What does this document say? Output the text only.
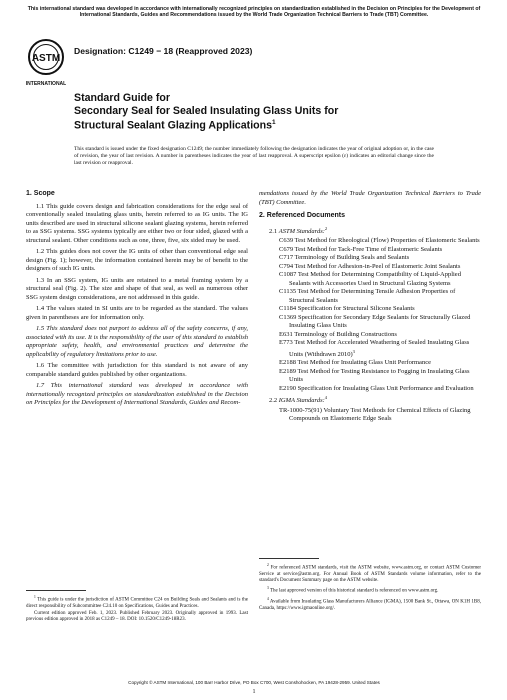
This international standard was developed in accordance with internationally recognized principles on standardization established in the Decision on Principles for the Development of International Standards, Guides and Recommendations issued by the World Trade Organization Technical Barriers to Trade (TBT) Committee.
ASTM
INTERNATIONAL
Designation: C1249 − 18 (Reapproved 2023)
Standard Guide for
Secondary Seal for Sealed Insulating Glass Units for
Structural Sealant Glazing Applications$^1$
This standard is issued under the fixed designation C1249; the number immediately following the designation indicates the year of original adoption or, in the case of revision, the year of last revision. A number in parentheses indicates the year of last reapproval. A superscript epsilon (ε) indicates an editorial change since the last revision or reapproval.
1. Scope

1.1 This guide covers design and fabrication considerations for the edge seal of conventionally sealed insulating glass units, herein referred to as IG units. The IG units described are used in structural silicone sealant glazing systems, herein referred to as SSG systems. SSG systems typically are either two or four sided, glazed with a structural sealant. Other conditions such as one, three, five, six sided may be used.

1.2 This guides does not cover the IG units of other than conventional edge seal design (Fig. 1); however, the information contained herein may be of benefit to the designers of such IG units.

1.3 In an SSG system, IG units are retained to a metal framing system by a structural seal (Fig. 2). The size and shape of that seal, as well as numerous other SSG system design considerations, are not addressed in this guide.

1.4 The values stated in SI units are to be regarded as the standard. The values given in parentheses are for information only.

1.5 This standard does not purport to address all of the safety concerns, if any, associated with its use. It is the responsibility of the user of this standard to establish appropriate safety, health, and environmental practices and determine the applicability of regulatory limitations prior to use.

1.6 The committee with jurisdiction for this standard is not aware of any comparable standard guides published by other organizations.

1.7 This international standard was developed in accordance with internationally recognized principles on standardization established in the Decision on Principles for the Development of International Standards, Guides and Recom-

$^1$ This guide is under the jurisdiction of ASTM Committee C24 on Building Seals and Sealants and is the direct responsibility of Subcommittee C24.10 on Specifications, Guides and Practices.

Current edition approved Feb. 1, 2023. Published February 2023. Originally approved in 1993. Last previous edition approved in 2018 as C1249 – 18. DOI: 10.1520/C1249-18R23.

mendations issued by the World Trade Organization Technical Barriers to Trade (TBT) Committee.

2. Referenced Documents
2.1 ASTM Standards:$^2$
C639 Test Method for Rheological (Flow) Properties of Elastomeric Sealants
C679 Test Method for Tack-Free Time of Elastomeric Sealants
C717 Terminology of Building Seals and Sealants
C794 Test Method for Adhesion-in-Peel of Elastomeric Joint Sealants
C1087 Test Method for Determining Compatibility of Liquid-Applied Sealants with Accessories Used in Structural Glazing Systems
C1135 Test Method for Determining Tensile Adhesion Properties of Structural Sealants
C1184 Specification for Structural Silicone Sealants
C1369 Specification for Secondary Edge Sealants for Structurally Glazed Insulating Glass Units
E631 Terminology of Building Constructions
E773 Test Method for Accelerated Weathering of Sealed Insulating Glass Units (Withdrawn 2010)$^3$
E2188 Test Method for Insulating Glass Unit Performance
E2189 Test Method for Testing Resistance to Fogging in Insulating Glass Units
E2190 Specification for Insulating Glass Unit Performance and Evaluation
2.2 IGMA Standards:$^4$
TR-1000-75(91) Voluntary Test Methods for Chemical Effects of Glazing Compounds on Elastomeric Edge Seals

$^2$ For referenced ASTM standards, visit the ASTM website, www.astm.org, or contact ASTM Customer Service at service@astm.org. For Annual Book of ASTM Standards volume information, refer to the standard's Document Summary page on the ASTM website.

$^3$ The last approved version of this historical standard is referenced on www.astm.org.

$^4$ Available from Insulating Glass Manufacturers Alliance (IGMA), 1500 Bank St., Ottawa, ON K1H 1B8, Canada, https://www.igmaonline.org/.

Copyright © ASTM International, 100 Barr Harbor Drive, PO Box C700, West Conshohocken, PA 19428-2959. United States
1
